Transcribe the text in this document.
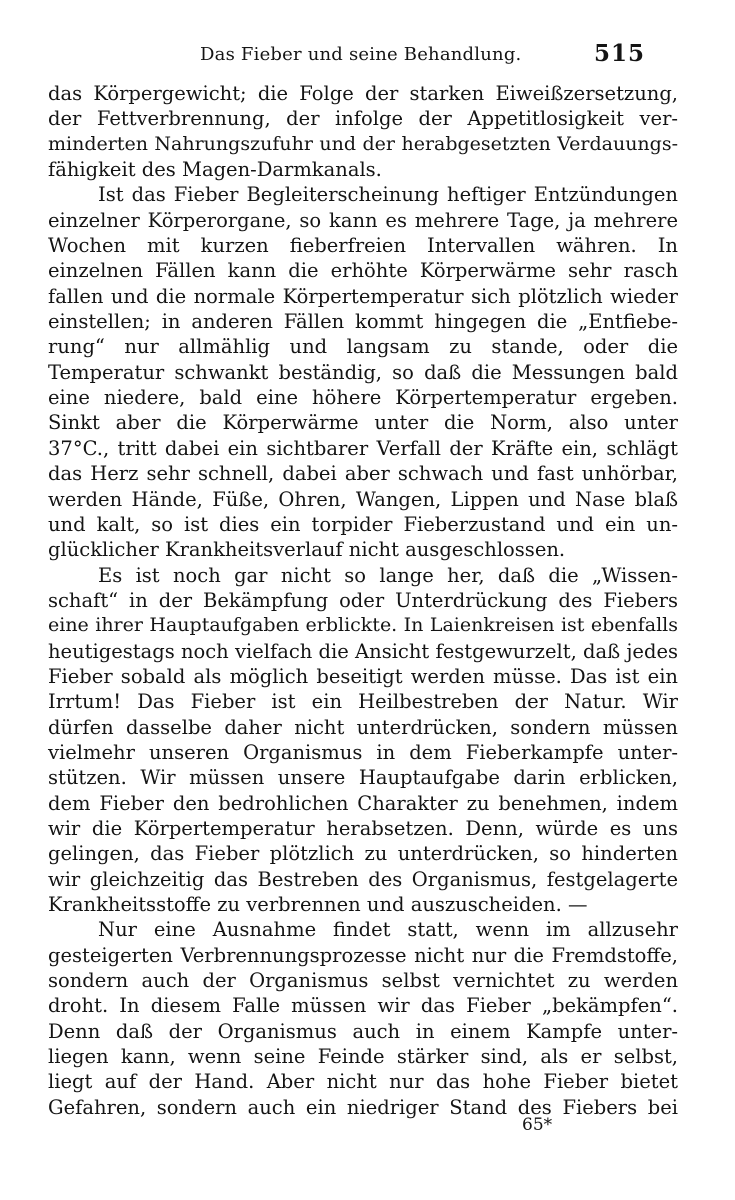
Das Fieber und seine Behandlung.	515
das Körpergewicht; die Folge der starken Eiweißzersetzung,
der Fettverbrennung, der infolge der Appetitlosigkeit ver-
minderten Nahrungszufuhr und der herabgesetzten Verdauungs-
fähigkeit des Magen-Darmkanals.
Ist das Fieber Begleiterscheinung heftiger Entzündungen
einzelner Körperorgane, so kann es mehrere Tage, ja mehrere
Wochen mit kurzen fieberfreien Intervallen währen. In
einzelnen Fällen kann die erhöhte Körperwärme sehr rasch
fallen und die normale Körpertemperatur sich plötzlich wieder
einstellen; in anderen Fällen kommt hingegen die „Entfiebe-
rung“ nur allmählig und langsam zu stande, oder die
Temperatur schwankt beständig, so daß die Messungen bald
eine niedere, bald eine höhere Körpertemperatur ergeben.
Sinkt aber die Körperwärme unter die Norm, also unter
37°C., tritt dabei ein sichtbarer Verfall der Kräfte ein, schlägt
das Herz sehr schnell, dabei aber schwach und fast unhörbar,
werden Hände, Füße, Ohren, Wangen, Lippen und Nase blaß
und kalt, so ist dies ein torpider Fieberzustand und ein un-
glücklicher Krankheitsverlauf nicht ausgeschlossen.
Es ist noch gar nicht so lange her, daß die „Wissen-
schaft“ in der Bekämpfung oder Unterdrückung des Fiebers
eine ihrer Hauptaufgaben erblickte. In Laienkreisen ist ebenfalls
heutigestags noch vielfach die Ansicht festgewurzelt, daß jedes
Fieber sobald als möglich beseitigt werden müsse. Das ist ein
Irrtum! Das Fieber ist ein Heilbestreben der Natur. Wir
dürfen dasselbe daher nicht unterdrücken, sondern müssen
vielmehr unseren Organismus in dem Fieberkampfe unter-
stützen. Wir müssen unsere Hauptaufgabe darin erblicken,
dem Fieber den bedrohlichen Charakter zu benehmen, indem
wir die Körpertemperatur herabsetzen. Denn, würde es uns
gelingen, das Fieber plötzlich zu unterdrücken, so hinderten
wir gleichzeitig das Bestreben des Organismus, festgelagerte
Krankheitsstoffe zu verbrennen und auszuscheiden. —
Nur eine Ausnahme findet statt, wenn im allzusehr
gesteigerten Verbrennungsprozesse nicht nur die Fremdstoffe,
sondern auch der Organismus selbst vernichtet zu werden
droht. In diesem Falle müssen wir das Fieber „bekämpfen“.
Denn daß der Organismus auch in einem Kampfe unter-
liegen kann, wenn seine Feinde stärker sind, als er selbst,
liegt auf der Hand. Aber nicht nur das hohe Fieber bietet
Gefahren, sondern auch ein niedriger Stand des Fiebers bei
65*
